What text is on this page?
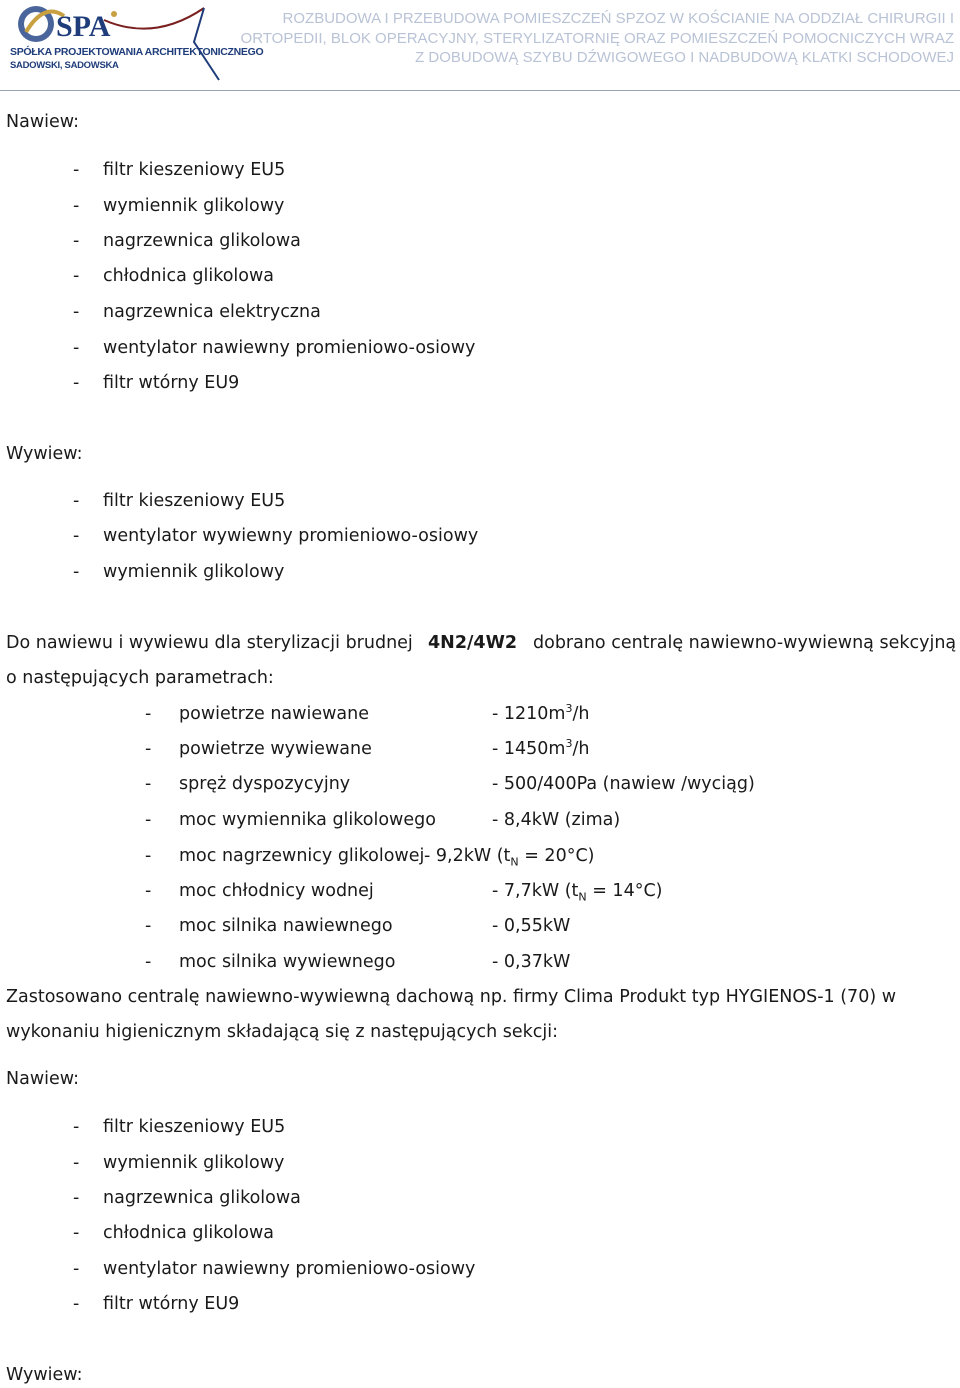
SPA
SPÓŁKA PROJEKTOWANIA ARCHITEKTONICZNEGO
SADOWSKI, SADOWSKA
ROZBUDOWA I PRZEBUDOWA POMIESZCZEŃ SPZOZ W KOŚCIANIE NA ODDZIAŁ CHIRURGII I ORTOPEDII, BLOK OPERACYJNY, STERYLIZATORNIĘ ORAZ POMIESZCZEŃ POMOCNICZYCH WRAZ Z DOBUDOWĄ SZYBU DŹWIGOWEGO I NADBUDOWĄ KLATKI SCHODOWEJ

Nawiew:

- filtr kieszeniowy EU5
- wymiennik glikolowy
- nagrzewnica glikolowa
- chłodnica glikolowa
- nagrzewnica elektryczna
- wentylator nawiewny promieniowo-osiowy
- filtr wtórny EU9

Wywiew:

- filtr kieszeniowy EU5
- wentylator wywiewny promieniowo-osiowy
- wymiennik glikolowy
Do nawiewu i wywiewu dla sterylizacji brudnej 4N2/4W2 dobrano centralę nawiewno-wywiewną sekcyjną
o następujących parametrach:
- powietrze nawiewane	- $1210m^3/h$
- powietrze wywiewane	- $1450m^3/h$
- spręż dyspozycyjny	- 500/400Pa (nawiew /wyciąg)
- moc wymiennika glikolowego	- 8,4kW (zima)
- moc nagrzewnicy glikolowej - 9,2kW $(t_N = 20^\circ C)$
- moc chłodnicy wodnej	- 7,7kW $(t_N = 14^\circ C)$
- moc silnika nawiewnego	- 0,55kW
- moc silnika wywiewnego	- 0,37kW
Zastosowano centralę nawiewno-wywiewną dachową np. firmy Clima Produkt typ HYGIENOS-1 (70) w
wykonaniu higienicznym składającą się z następujących sekcji:

Nawiew:

- filtr kieszeniowy EU5
- wymiennik glikolowy
- nagrzewnica glikolowa
- chłodnica glikolowa
- wentylator nawiewny promieniowo-osiowy
- filtr wtórny EU9

Wywiew:
